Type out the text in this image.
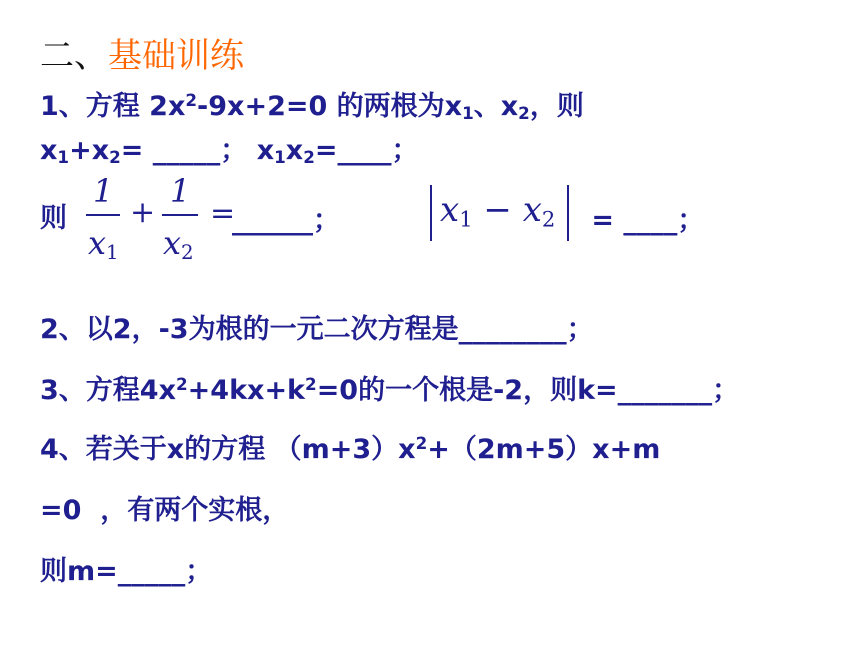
二、基础训练
1、方程 $2x^2-9x+2=0$ 的两根为$x_1$、$x_2$，则
$x_1+x_2=$ _____； $x_1x_2=\_\_\_\_$；
则
1
$x_1$
+
1
$x_2$
=
______；	$x_1 - x_2$ = ____；
2、以2，-3为根的一元二次方程是________；
3、方程$4x^2+4kx+k^2=0$的一个根是-2，则k=_______；
4、若关于x的方程 $(m+3)x^2+(2m+5)x+m$
=0  ，有两个实根，
则m=_____；
